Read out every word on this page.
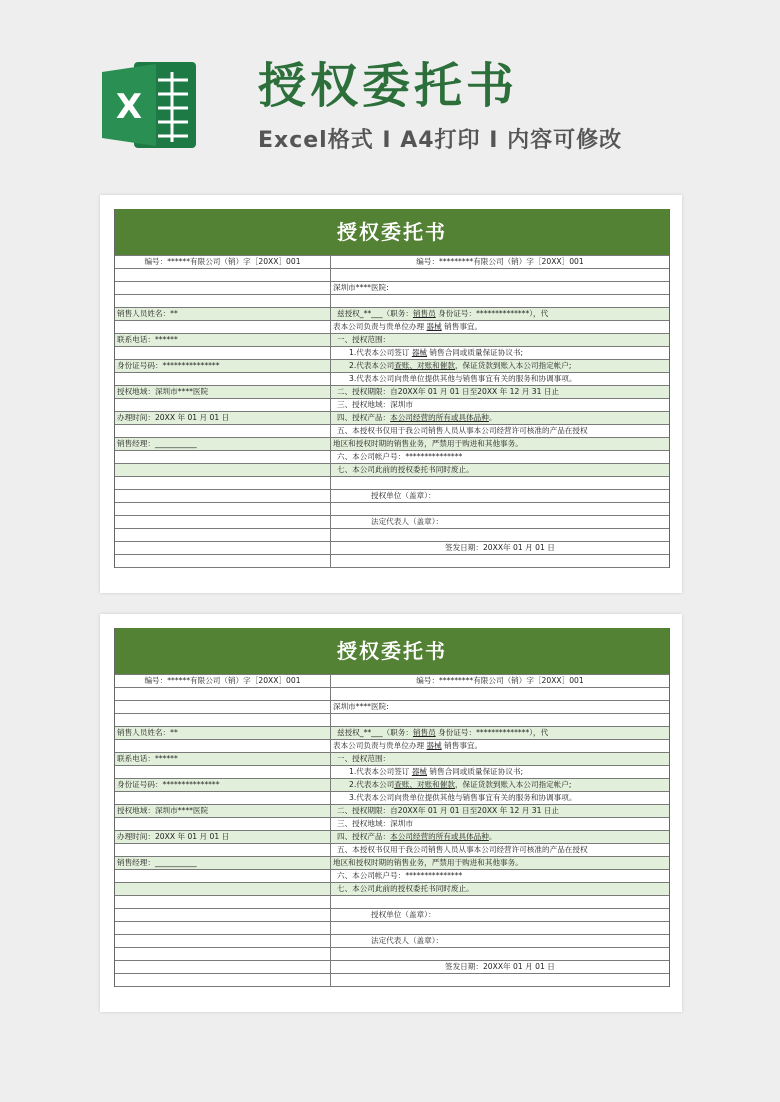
X 授权委托书
Excel格式 I A4打印 I 内容可修改
授权委托书
编号：******有限公司（销）字［20XX］001	编号：*********有限公司（销）字［20XX］001
深圳市****医院:
销售人员姓名：**	兹授权_**___（职务：销售员 身份证号：**************），代
表本公司负责与贵单位办理 器械 销售事宜。
联系电话：******	一、授权范围：
1.代表本公司签订 器械 销售合同或质量保证协议书;
身份证号码：***************	2.代表本公司查账、对账和催款，保证货款到账入本公司指定帐户;
3.代表本公司向贵单位提供其他与销售事宜有关的服务和协调事项。
授权地域：深圳市****医院	二、授权期限：自20XX年 01 月 01 日至20XX 年 12 月 31 日止
三、授权地域：深圳市
办理时间：20XX 年 01 月 01 日	四、授权产品：本公司经营的所有或具体品种。
五、本授权书仅用于我公司销售人员从事本公司经营许可核准的产品在授权
销售经理：___________	地区和授权时期的销售业务，严禁用于购进和其他事务。
六、本公司帐户号：***************
七、本公司此前的授权委托书同时废止。
授权单位（盖章）：
法定代表人（盖章）：
签发日期：20XX年 01 月 01 日
授权委托书
编号：******有限公司（销）字［20XX］001	编号：*********有限公司（销）字［20XX］001
深圳市****医院:
销售人员姓名：**	兹授权_**___（职务：销售员 身份证号：**************），代
表本公司负责与贵单位办理 器械 销售事宜。
联系电话：******	一、授权范围：
1.代表本公司签订 器械 销售合同或质量保证协议书;
身份证号码：***************	2.代表本公司查账、对账和催款，保证货款到账入本公司指定帐户;
3.代表本公司向贵单位提供其他与销售事宜有关的服务和协调事项。
授权地域：深圳市****医院	二、授权期限：自20XX年 01 月 01 日至20XX 年 12 月 31 日止
三、授权地域：深圳市
办理时间：20XX 年 01 月 01 日	四、授权产品：本公司经营的所有或具体品种。
五、本授权书仅用于我公司销售人员从事本公司经营许可核准的产品在授权
销售经理：___________	地区和授权时期的销售业务，严禁用于购进和其他事务。
六、本公司帐户号：***************
七、本公司此前的授权委托书同时废止。
授权单位（盖章）：
法定代表人（盖章）：
签发日期：20XX年 01 月 01 日
